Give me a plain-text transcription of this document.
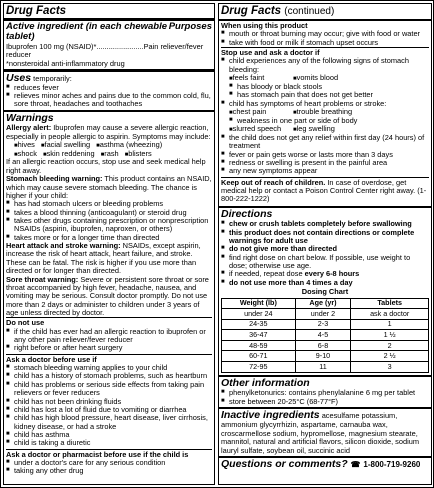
Drug Facts
Active ingredient (in each chewable tablet)
Purposes
Ibuprofen 100 mg (NSAID)*.......................Pain reliever/fever reducer
*nonsteroidal anti-inflammatory drug
Uses temporarily:
■ reduces fever
■ relieves minor aches and pains due to the common cold, flu, sore throat, headaches and toothaches
Warnings
Allergy alert: Ibuprofen may cause a severe allergic reaction, especially in people allergic to aspirin. Symptoms may include:
■ hives ■ facial swelling ■ asthma (wheezing)
■ shock ■ skin reddening ■ rash ■ blisters
If an allergic reaction occurs, stop use and seek medical help right away.
Stomach bleeding warning: This product contains an NSAID, which may cause severe stomach bleeding. The chance is higher if your child:
■ has had stomach ulcers or bleeding problems
■ takes a blood thinning (anticoagulant) or steroid drug
■ takes other drugs containing prescription or nonprescription NSAIDs (aspirin, ibuprofen, naproxen, or others)
■ takes more or for a longer time than directed
Heart attack and stroke warning: NSAIDs, except aspirin, increase the risk of heart attack, heart failure, and stroke. These can be fatal. The risk is higher if you use more than directed or for longer than directed.
Sore throat warning: Severe or persistent sore throat or sore throat accompanied by high fever, headache, nausea, and vomiting may be serious. Consult doctor promptly. Do not use more than 2 days or administer to children under 3 years of age unless directed by doctor.
Do not use
■ if the child has ever had an allergic reaction to ibuprofen or any other pain reliever/fever reducer
■ right before or after heart surgery
Ask a doctor before use if
■ stomach bleeding warning applies to your child
■ child has a history of stomach problems, such as heartburn
■ child has problems or serious side effects from taking pain relievers or fever reducers
■ child has not been drinking fluids
■ child has lost a lot of fluid due to vomiting or diarrhea
■ child has high blood pressure, heart disease, liver cirrhosis, kidney disease, or had a stroke
■ child has asthma
■ child is taking a diuretic
Ask a doctor or pharmacist before use if the child is
■ under a doctor's care for any serious condition
■ taking any other drug
Drug Facts (continued)
When using this product
■ mouth or throat burning may occur; give with food or water
■ take with food or milk if stomach upset occurs
Stop use and ask a doctor if
■ child experiences any of the following signs of stomach bleeding:
■ feels faint	■ vomits blood
■ has bloody or black stools
■ has stomach pain that does not get better
■ child has symptoms of heart problems or stroke:
■ chest pain	■ trouble breathing
■ weakness in one part or side of body
■ slurred speech ■ leg swelling
■ the child does not get any relief within first day (24 hours) of treatment
■ fever or pain gets worse or lasts more than 3 days
■ redness or swelling is present in the painful area
■ any new symptoms appear
Keep out of reach of children. In case of overdose, get medical help or contact a Poison Control Center right away. (1-800-222-1222)
Directions
■ chew or crush tablets completely before swallowing
■ this product does not contain directions or complete warnings for adult use
■ do not give more than directed
■ find right dose on chart below. If possible, use weight to dose; otherwise use age.
■ if needed, repeat dose every 6-8 hours
■ do not use more than 4 times a day
Dosing Chart
Weight (lb)	Age (yr)	Tablets
under 24	under 2	ask a doctor
24-35	2-3	1
36-47	4-5	1 ½
48-59	6-8	2
60-71	9-10	2 ½
72-95	11	3
Other information
■ phenylketonurics: contains phenylalanine 6 mg per tablet
■ store between 20-25°C (68-77°F)
Inactive ingredients acesulfame potassium, ammonium glycyrrhizin, aspartame, carnauba wax, croscarmellose sodium, hypromellose, magnesium stearate, mannitol, natural and artificial flavors, silicon dioxide, sodium lauryl sulfate, soybean oil, succinic acid
Questions or comments? ☎ 1-800-719-9260
